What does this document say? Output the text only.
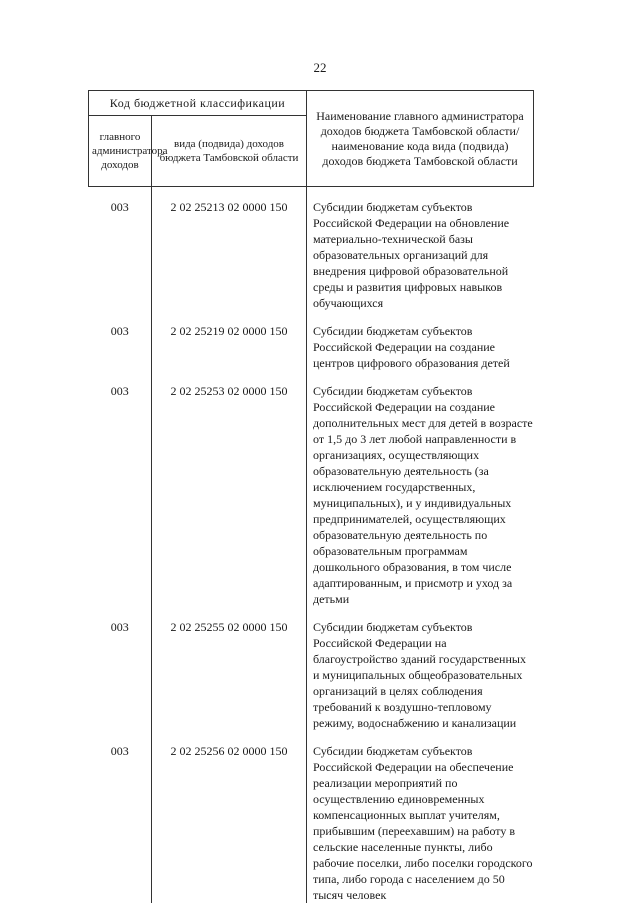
22
Код бюджетной классификации		Наименование главного администратора доходов бюджета Тамбовской области/наименование кода вида (подвида) доходов бюджета Тамбовской области
главного администратора доходов	вида (подвида) доходов бюджета Тамбовской области	
003	2 02 25213 02 0000 150	Субсидии бюджетам субъектов Российской Федерации на обновление материально-технической базы образовательных организаций для внедрения цифровой образовательной среды и развития цифровых навыков обучающихся
003	2 02 25219 02 0000 150	Субсидии бюджетам субъектов Российской Федерации на создание центров цифрового образования детей
003	2 02 25253 02 0000 150	Субсидии бюджетам субъектов Российской Федерации на создание дополнительных мест для детей в возрасте от 1,5 до 3 лет любой направленности в организациях, осуществляющих образовательную деятельность (за исключением государственных, муниципальных), и у индивидуальных предпринимателей, осуществляющих образовательную деятельность по образовательным программам дошкольного образования, в том числе адаптированным, и присмотр и уход за детьми
003	2 02 25255 02 0000 150	Субсидии бюджетам субъектов Российской Федерации на благоустройство зданий государственных и муниципальных общеобразовательных организаций в целях соблюдения требований к воздушно-тепловому режиму, водоснабжению и канализации
003	2 02 25256 02 0000 150	Субсидии бюджетам субъектов Российской Федерации на обеспечение реализации мероприятий по осуществлению единовременных компенсационных выплат учителям, прибывшим (переехавшим) на работу в сельские населенные пункты, либо рабочие поселки, либо поселки городского типа, либо города с населением до 50 тысяч человек
